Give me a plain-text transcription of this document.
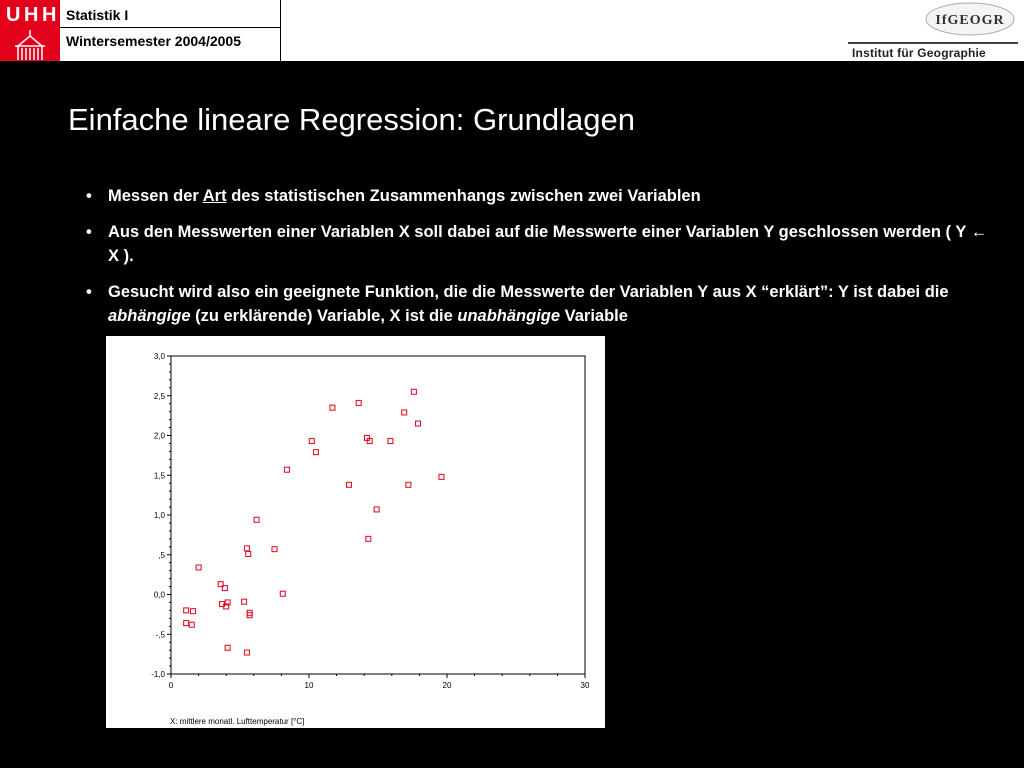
U H H Statistik I
Wintersemester 2004/2005
IfGEOGR
Institut für Geographie
Einfache lineare Regression: Grundlagen
• Messen der Art des statistischen Zusammenhangs zwischen zwei Variablen
• Aus den Messwerten einer Variablen X soll dabei auf die Messwerte einer Variablen Y geschlossen werden ( Y ← X ).
• Gesucht wird also ein geeignete Funktion, die die Messwerte der Variablen Y aus X “erklärt”: Y ist dabei die abhängige (zu erklärende) Variable, X ist die unabhängige Variable
3,0
2,5
2,0
1,5
1,0
,5
0,0
-,5
-1,0
0	10	20	30
X: mittlere monatl. Lufttemperatur [°C]
